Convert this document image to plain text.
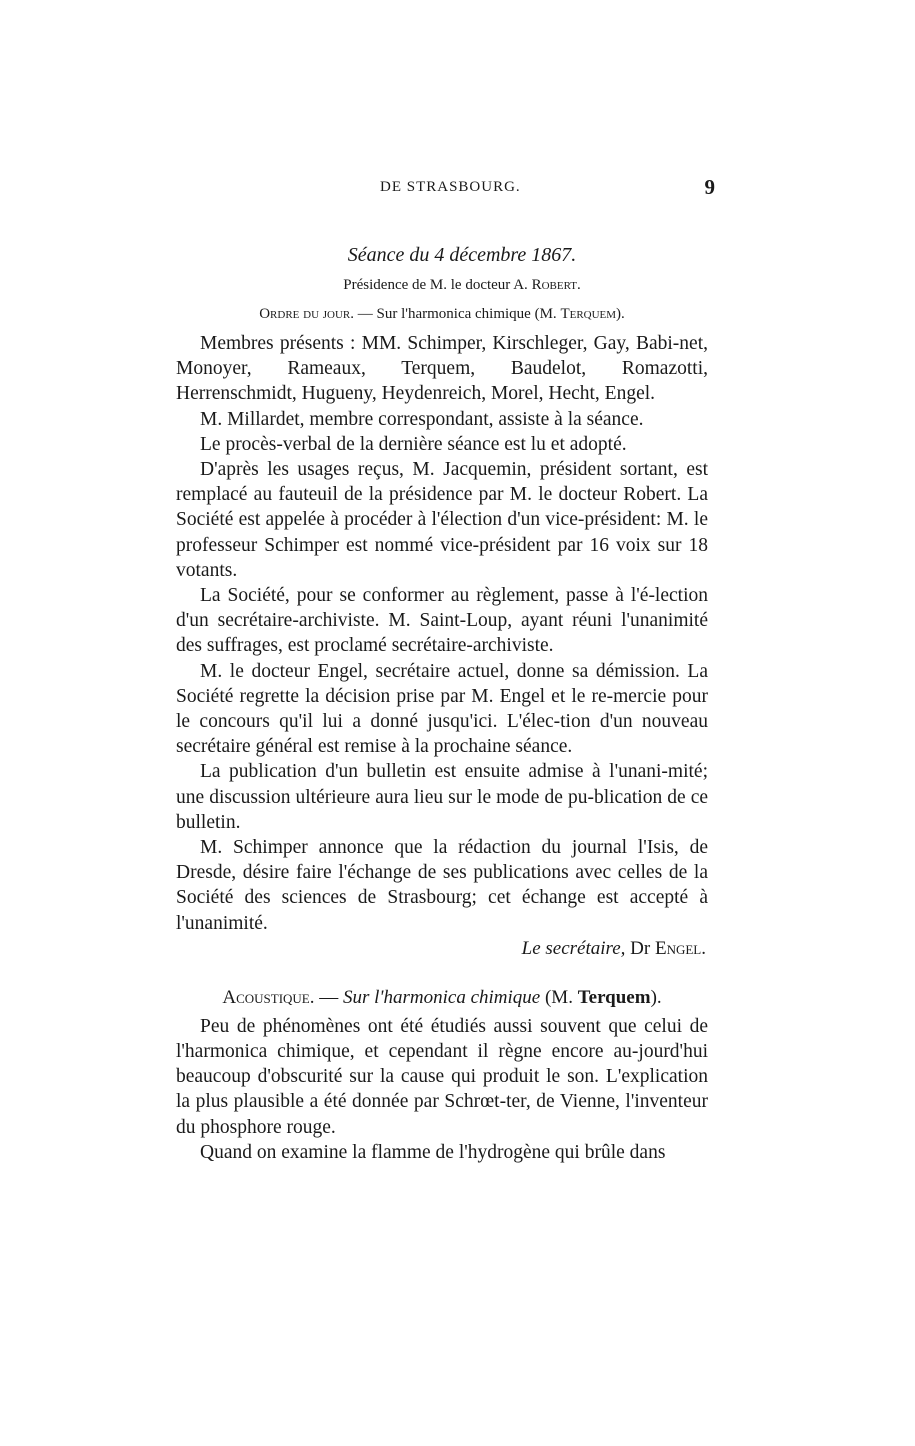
DE STRASBOURG.	9
Séance du 4 décembre 1867.
Présidence de M. le docteur A. Robert.
Ordre du jour. — Sur l'harmonica chimique (M. Terquem).

Membres présents : MM. Schimper, Kirschleger, Gay, Babi-net, Monoyer, Rameaux, Terquem, Baudelot, Romazotti, Herrenschmidt, Hugueny, Heydenreich, Morel, Hecht, Engel.

M. Millardet, membre correspondant, assiste à la séance.

Le procès-verbal de la dernière séance est lu et adopté.

D'après les usages reçus, M. Jacquemin, président sortant, est remplacé au fauteuil de la présidence par M. le docteur Robert. La Société est appelée à procéder à l'élection d'un vice-président: M. le professeur Schimper est nommé vice-président par 16 voix sur 18 votants.

La Société, pour se conformer au règlement, passe à l'é-lection d'un secrétaire-archiviste. M. Saint-Loup, ayant réuni l'unanimité des suffrages, est proclamé secrétaire-archiviste.

M. le docteur Engel, secrétaire actuel, donne sa démission. La Société regrette la décision prise par M. Engel et le re-mercie pour le concours qu'il lui a donné jusqu'ici. L'élec-tion d'un nouveau secrétaire général est remise à la prochaine séance.

La publication d'un bulletin est ensuite admise à l'unani-mité; une discussion ultérieure aura lieu sur le mode de pu-blication de ce bulletin.

M. Schimper annonce que la rédaction du journal l'Isis, de Dresde, désire faire l'échange de ses publications avec celles de la Société des sciences de Strasbourg; cet échange est accepté à l'unanimité.

Le secrétaire, Dr Engel.
Acoustique. — Sur l'harmonica chimique (M. Terquem).

Peu de phénomènes ont été étudiés aussi souvent que celui de l'harmonica chimique, et cependant il règne encore au-jourd'hui beaucoup d'obscurité sur la cause qui produit le son. L'explication la plus plausible a été donnée par Schrœt-ter, de Vienne, l'inventeur du phosphore rouge.

Quand on examine la flamme de l'hydrogène qui brûle dans
